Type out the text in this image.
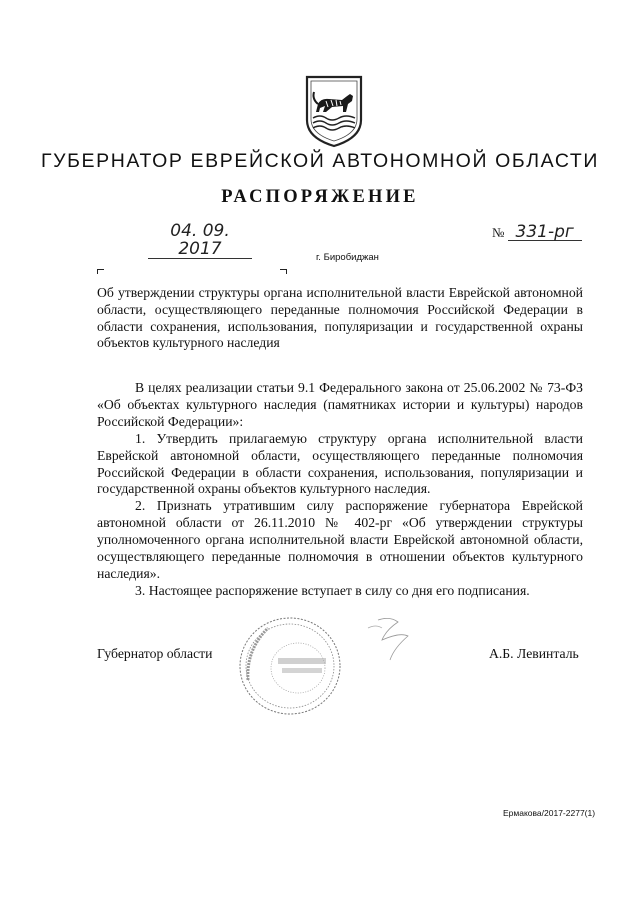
ГУБЕРНАТОР ЕВРЕЙСКОЙ АВТОНОМНОЙ ОБЛАСТИ
РАСПОРЯЖЕНИЕ
04. 09. 2017
№ 331-рг
г. Биробиджан
Об утверждении структуры органа исполнительной власти Еврейской автономной области, осуществляющего переданные полномочия Российской Федерации в области сохранения, использования, популяризации и государственной охраны объектов культурного наследия

В целях реализации статьи 9.1 Федерального закона от 25.06.2002 № 73-ФЗ «Об объектах культурного наследия (памятниках истории и культуры) народов Российской Федерации»:

1. Утвердить прилагаемую структуру органа исполнительной власти Еврейской автономной области, осуществляющего переданные полномочия Российской Федерации в области сохранения, использования, популяризации и государственной охраны объектов культурного наследия.

2. Признать утратившим силу распоряжение губернатора Еврейской автономной области от 26.11.2010 № 402-рг «Об утверждении структуры уполномоченного органа исполнительной власти Еврейской автономной области, осуществляющего переданные полномочия в отношении объектов культурного наследия».

3. Настоящее распоряжение вступает в силу со дня его подписания.

Губернатор области	А.Б. Левинталь
Ермакова/2017-2277(1)
